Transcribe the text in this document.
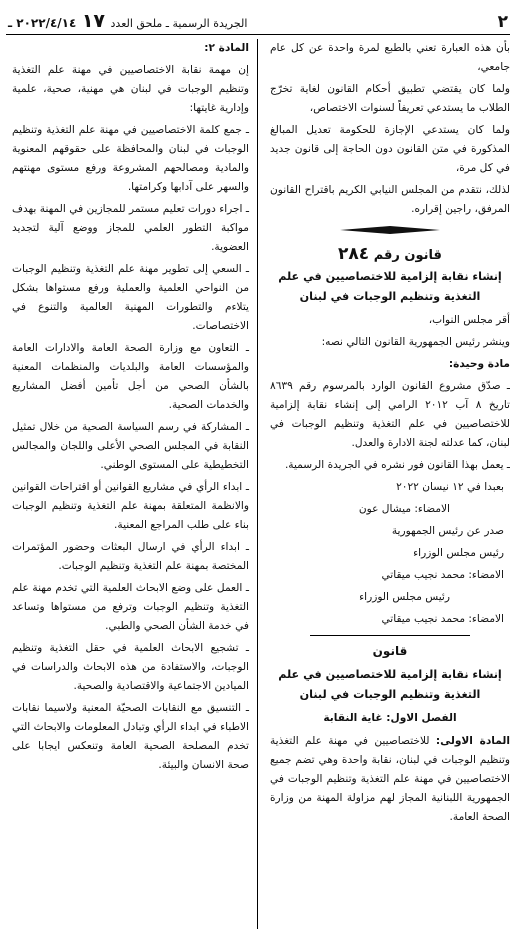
٢
الجريدة الرسمية ـ ملحق العدد ١٧ ٢٠٢٢/٤/١٤ ـ

بأن هذه العبارة تعني بالطبع لمرة واحدة عن كل عام جامعي،

ولما كان يقتضي تطبيق أحكام القانون لغاية تخرّج الطلاب ما يستدعي تعريفاً لسنوات الاختصاص،

ولما كان يستدعي الإجازة للحكومة تعديل المبالغ المذكورة في متن القانون دون الحاجة إلى قانون جديد في كل مرة،

لذلك، نتقدم من المجلس النيابي الكريم باقتراح القانون المرفق، راجين إقراره.

قانون رقم ٢٨٤
إنشاء نقابة إلزامية للاختصاصيين في علم التغذية وتنظيم الوجبات في لبنان

أقر مجلس النواب،

وينشر رئيس الجمهورية القانون التالي نصه:

مادة وحيدة:

ـ صدّق مشروع القانون الوارد بالمرسوم رقم ٨٦٣٩ تاريخ ٨ آب ٢٠١٢ الرامي إلى إنشاء نقابة إلزامية للاختصاصيين في علم التغذية وتنظيم الوجبات في لبنان، كما عدلته لجنة الادارة والعدل.

ـ يعمل بهذا القانون فور نشره في الجريدة الرسمية.

بعبدا في ١٢ نيسان ٢٠٢٢

الامضاء: ميشال عون

صدر عن رئيس الجمهورية

رئيس مجلس الوزراء

الامضاء: محمد نجيب ميقاتي

رئيس مجلس الوزراء

الامضاء: محمد نجيب ميقاتي

قانون
إنشاء نقابة إلزامية للاختصاصيين في علم التغذية وتنظيم الوجبات في لبنان
الفصل الاول: غاية النقابة

المادة الاولى: للاختصاصيين في مهنة علم التغذية وتنظيم الوجبات في لبنان، نقابة واحدة وهي تضم جميع الاختصاصيين في مهنة علم التغذية وتنظيم الوجبات في الجمهورية اللبنانية المجاز لهم مزاولة المهنة من وزارة الصحة العامة.

المادة ٢:

إن مهمة نقابة الاختصاصيين في مهنة علم التغذية وتنظيم الوجبات في لبنان هي مهنية، صحية، علمية وإدارية غايتها:

ـ جمع كلمة الاختصاصيين في مهنة علم التغذية وتنظيم الوجبات في لبنان والمحافظة على حقوقهم المعنوية والمادية ومصالحهم المشروعة ورفع مستوى مهنتهم والسهر على آدابها وكرامتها.

ـ اجراء دورات تعليم مستمر للمجازين في المهنة بهدف مواكبة التطور العلمي للمجاز ووضع آلية لتجديد العضوية.

ـ السعي إلى تطوير مهنة علم التغذية وتنظيم الوجبات من النواحي العلمية والعملية ورفع مستواها بشكل يتلاءم والتطورات المهنية العالمية والتنوع في الاختصاصات.

ـ التعاون مع وزارة الصحة العامة والادارات العامة والمؤسسات العامة والبلديات والمنظمات المعنية بالشأن الصحي من أجل تأمين أفضل المشاريع والخدمات الصحية.

ـ المشاركة في رسم السياسة الصحية من خلال تمثيل النقابة في المجلس الصحي الأعلى واللجان والمجالس التخطيطية على المستوى الوطني.

ـ ابداء الرأي في مشاريع القوانين أو اقتراحات القوانين والانظمة المتعلقة بمهنة علم التغذية وتنظيم الوجبات بناء على طلب المراجع المعنية.

ـ ابداء الرأي في ارسال البعثات وحضور المؤتمرات المختصة بمهنة علم التغذية وتنظيم الوجبات.

ـ العمل على وضع الابحاث العلمية التي تخدم مهنة علم التغذية وتنظيم الوجبات وترفع من مستواها وتساعد في خدمة الشأن الصحي والطبي.

ـ تشجيع الابحاث العلمية في حقل التغذية وتنظيم الوجبات، والاستفادة من هذه الابحاث والدراسات في الميادين الاجتماعية والاقتصادية والصحية.

ـ التنسيق مع النقابات الصحيّة المعنية ولاسيما نقابات الاطباء في ابداء الرأي وتبادل المعلومات والابحاث التي تخدم المصلحة الصحية العامة وتنعكس ايجابا على صحة الانسان والبيئة.
